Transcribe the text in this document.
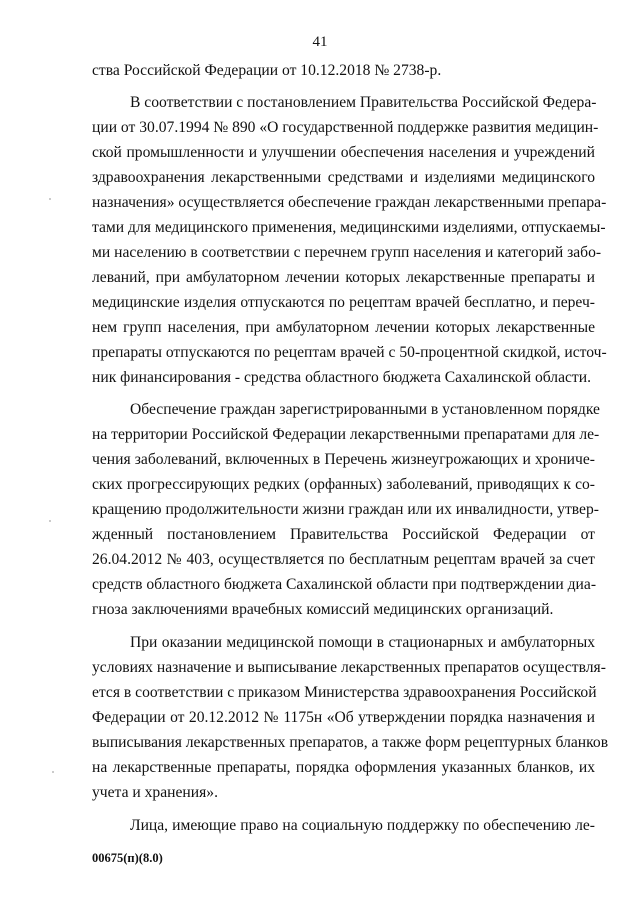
41
ства Российской Федерации от 10.12.2018 № 2738-р.
В соответствии с постановлением Правительства Российской Федера-
ции от 30.07.1994 № 890 «О государственной поддержке развития медицин-
ской промышленности и улучшении обеспечения населения и учреждений
здравоохранения лекарственными средствами и изделиями медицинского
назначения» осуществляется обеспечение граждан лекарственными препара-
тами для медицинского применения, медицинскими изделиями, отпускаемы-
ми населению в соответствии с перечнем групп населения и категорий забо-
леваний, при амбулаторном лечении которых лекарственные препараты и
медицинские изделия отпускаются по рецептам врачей бесплатно, и переч-
нем групп населения, при амбулаторном лечении которых лекарственные
препараты отпускаются по рецептам врачей с 50-процентной скидкой, источ-
ник финансирования - средства областного бюджета Сахалинской области.
Обеспечение граждан зарегистрированными в установленном порядке
на территории Российской Федерации лекарственными препаратами для ле-
чения заболеваний, включенных в Перечень жизнеугрожающих и хрониче-
ских прогрессирующих редких (орфанных) заболеваний, приводящих к со-
кращению продолжительности жизни граждан или их инвалидности, утвер-
жденный постановлением Правительства Российской Федерации от
26.04.2012 № 403, осуществляется по бесплатным рецептам врачей за счет
средств областного бюджета Сахалинской области при подтверждении диа-
гноза заключениями врачебных комиссий медицинских организаций.
При оказании медицинской помощи в стационарных и амбулаторных
условиях назначение и выписывание лекарственных препаратов осуществля-
ется в соответствии с приказом Министерства здравоохранения Российской
Федерации от 20.12.2012 № 1175н «Об утверждении порядка назначения и
выписывания лекарственных препаратов, а также форм рецептурных бланков
на лекарственные препараты, порядка оформления указанных бланков, их
учета и хранения».
Лица, имеющие право на социальную поддержку по обеспечению ле-
00675(п)(8.0)
